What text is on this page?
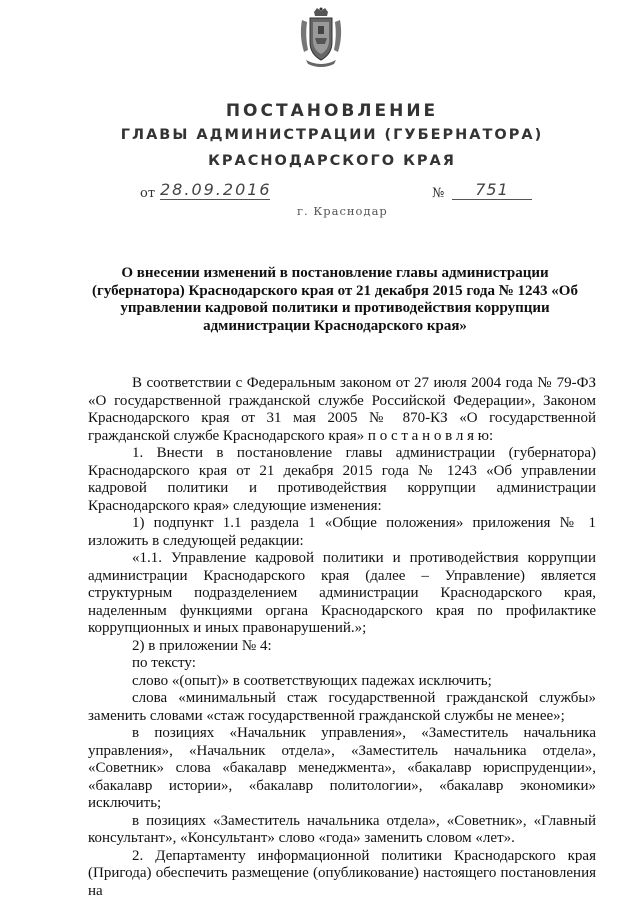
ПОСТАНОВЛЕНИЕ
ГЛАВЫ АДМИНИСТРАЦИИ (ГУБЕРНАТОРА)
КРАСНОДАРСКОГО КРАЯ
от 28.09.2016	№	751
г. Краснодар
О внесении изменений в постановление главы администрации (губернатора) Краснодарского края от 21 декабря 2015 года № 1243 «Об управлении кадровой политики и противодействия коррупции администрации Краснодарского края»

В соответствии с Федеральным законом от 27 июля 2004 года № 79-ФЗ «О государственной гражданской службе Российской Федерации», Законом Краснодарского края от 31 мая 2005 № 870-КЗ «О государственной гражданской службе Краснодарского края» п о с т а н о в л я ю:

1. Внести в постановление главы администрации (губернатора) Краснодарского края от 21 декабря 2015 года № 1243 «Об управлении кадровой политики и противодействия коррупции администрации Краснодарского края» следующие изменения:

1) подпункт 1.1 раздела 1 «Общие положения» приложения № 1 изложить в следующей редакции:

«1.1. Управление кадровой политики и противодействия коррупции администрации Краснодарского края (далее – Управление) является структурным подразделением администрации Краснодарского края, наделенным функциями органа Краснодарского края по профилактике коррупционных и иных правонарушений.»;

2) в приложении № 4:

по тексту:

слово «(опыт)» в соответствующих падежах исключить;

слова «минимальный стаж государственной гражданской службы» заменить словами «стаж государственной гражданской службы не менее»;

в позициях «Начальник управления», «Заместитель начальника управления», «Начальник отдела», «Заместитель начальника отдела», «Советник» слова «бакалавр менеджмента», «бакалавр юриспруденции», «бакалавр истории», «бакалавр политологии», «бакалавр экономики» исключить;

в позициях «Заместитель начальника отдела», «Советник», «Главный консультант», «Консультант» слово «года» заменить словом «лет».

2. Департаменту информационной политики Краснодарского края (Пригода) обеспечить размещение (опубликование) настоящего постановления на
